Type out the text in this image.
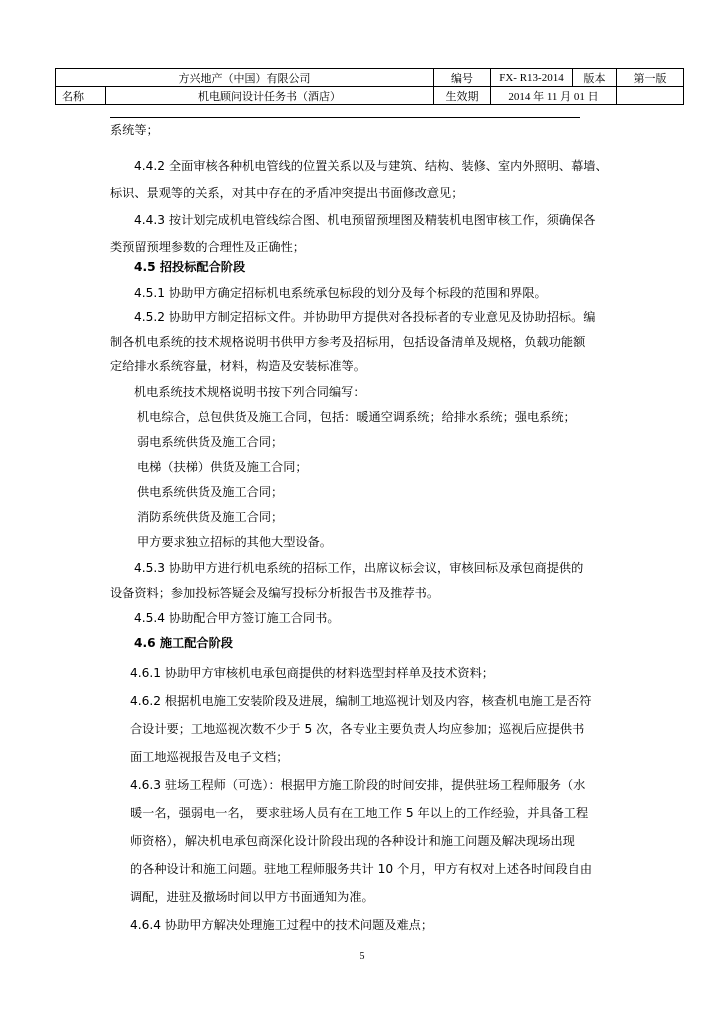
方兴地产（中国）有限公司		编号	FX- R13-2014	版本	第一版
名称	机电顾问设计任务书（酒店）	生效期	2014 年 11 月 01 日		
系统等；
4.4.2 全面审核各种机电管线的位置关系以及与建筑、结构、装修、室内外照明、幕墙、
标识、景观等的关系，对其中存在的矛盾冲突提出书面修改意见；
4.4.3 按计划完成机电管线综合图、机电预留预埋图及精装机电图审核工作，须确保各
类预留预埋参数的合理性及正确性；
4.5 招投标配合阶段
4.5.1 协助甲方确定招标机电系统承包标段的划分及每个标段的范围和界限。
4.5.2 协助甲方制定招标文件。并协助甲方提供对各投标者的专业意见及协助招标。编
制各机电系统的技术规格说明书供甲方参考及招标用，包括设备清单及规格，负载功能额
定给排水系统容量，材料，构造及安装标准等。
机电系统技术规格说明书按下列合同编写：
机电综合，总包供货及施工合同，包括：暖通空调系统；给排水系统；强电系统；
弱电系统供货及施工合同；
电梯（扶梯）供货及施工合同；
供电系统供货及施工合同；
消防系统供货及施工合同；
甲方要求独立招标的其他大型设备。
4.5.3 协助甲方进行机电系统的招标工作，出席议标会议，审核回标及承包商提供的
设备资料；参加投标答疑会及编写投标分析报告书及推荐书。
4.5.4 协助配合甲方签订施工合同书。
4.6 施工配合阶段
4.6.1 协助甲方审核机电承包商提供的材料选型封样单及技术资料；
4.6.2 根据机电施工安装阶段及进展，编制工地巡视计划及内容，核查机电施工是否符
合设计要；工地巡视次数不少于 5 次，各专业主要负责人均应参加；巡视后应提供书
面工地巡视报告及电子文档；
4.6.3 驻场工程师（可选）：根据甲方施工阶段的时间安排，提供驻场工程师服务（水
暖一名，强弱电一名， 要求驻场人员有在工地工作 5 年以上的工作经验，并具备工程
师资格），解决机电承包商深化设计阶段出现的各种设计和施工问题及解决现场出现
的各种设计和施工问题。驻地工程师服务共计 10 个月，甲方有权对上述各时间段自由
调配，进驻及撤场时间以甲方书面通知为准。
4.6.4 协助甲方解决处理施工过程中的技术问题及难点；
5
